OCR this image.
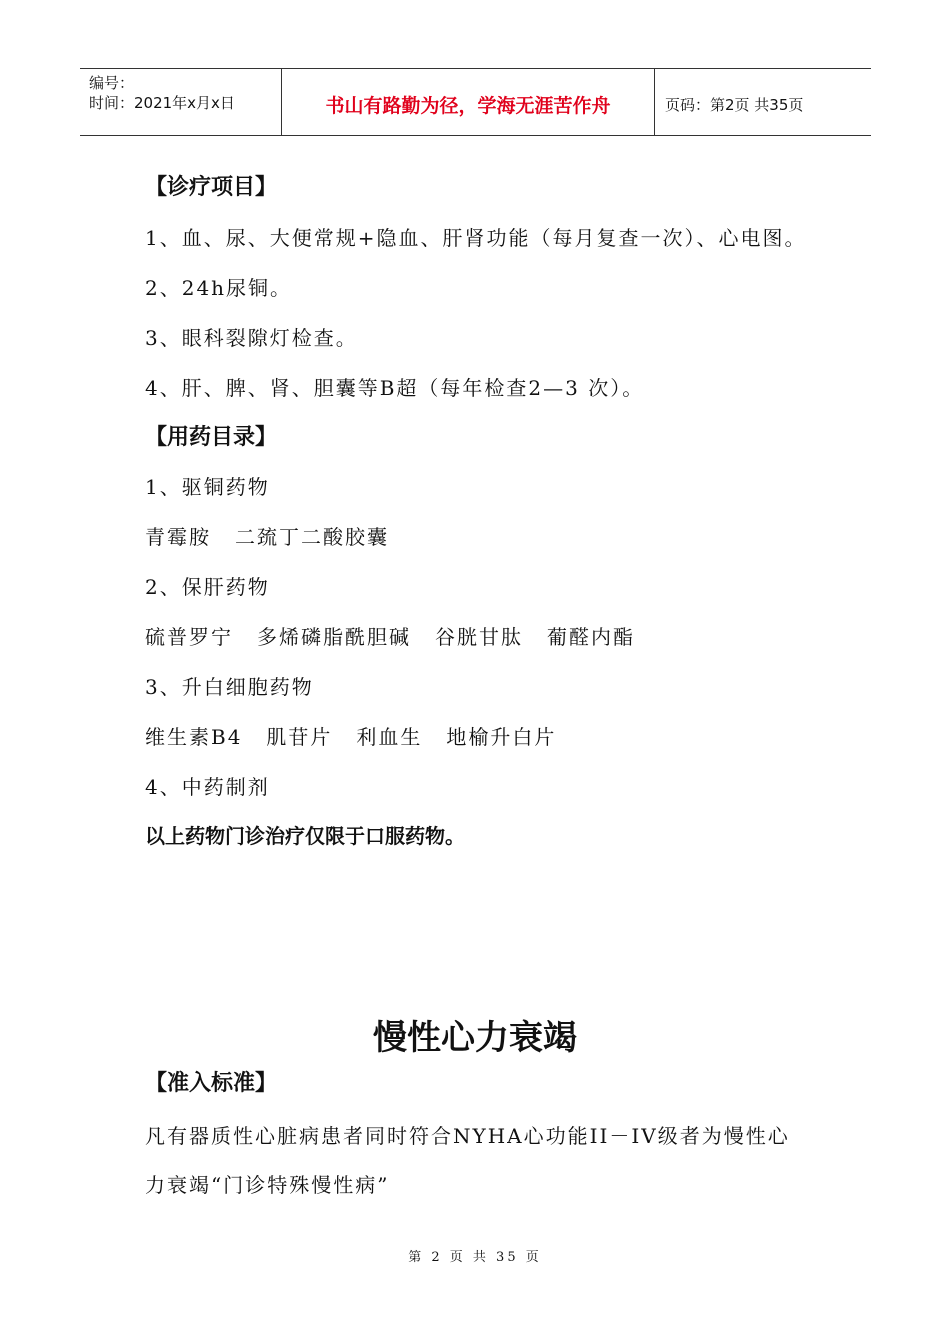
编号：
时间：2021年x月x日	书山有路勤为径，学海无涯苦作舟	页码：第2页 共35页
【诊疗项目】
1、血、尿、大便常规+隐血、肝肾功能（每月复查一次）、心电图。
2、24h尿铜。
3、眼科裂隙灯检查。
4、肝、脾、肾、胆囊等B超（每年检查2—3 次）。
【用药目录】
1、驱铜药物
青霉胺 二巯丁二酸胶囊
2、保肝药物
硫普罗宁 多烯磷脂酰胆碱 谷胱甘肽 葡醛内酯
3、升白细胞药物
维生素B4 肌苷片 利血生 地榆升白片
4、中药制剂
以上药物门诊治疗仅限于口服药物。
慢性心力衰竭
【准入标准】
凡有器质性心脏病患者同时符合NYHA心功能II－IV级者为慢性心
力衰竭“门诊特殊慢性病”
第 2 页 共 35 页
